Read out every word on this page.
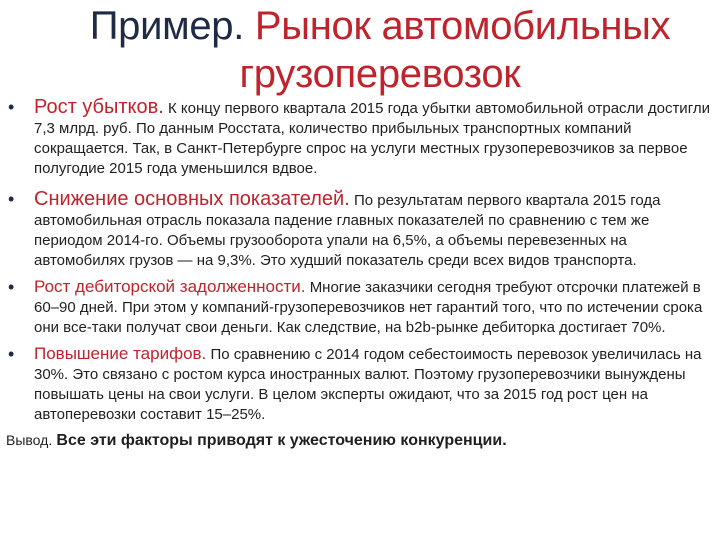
Пример. Рынок автомобильных грузоперевозок
• Рост убытков. К концу первого квартала 2015 года убытки автомобильной отрасли достигли 7,3 млрд. руб. По данным Росстата, количество прибыльных транспортных компаний сокращается. Так, в Санкт-Петербурге спрос на услуги местных грузоперевозчиков за первое полугодие 2015 года уменьшился вдвое.
• Снижение основных показателей. По результатам первого квартала 2015 года автомобильная отрасль показала падение главных показателей по сравнению с тем же периодом 2014‑го. Объемы грузооборота упали на 6,5%, а объемы перевезенных на автомобилях грузов — на 9,3%. Это худший показатель среди всех видов транспорта.
• Рост дебиторской задолженности. Многие заказчики сегодня требуют отсрочки платежей в 60–90 дней. При этом у компаний-грузоперевозчиков нет гарантий того, что по истечении срока они все‑таки получат свои деньги. Как следствие, на b2b-рынке дебиторка достигает 70%.
• Повышение тарифов. По сравнению с 2014 годом себестоимость перевозок увеличилась на 30%. Это связано с ростом курса иностранных валют. Поэтому грузоперевозчики вынуждены повышать цены на свои услуги. В целом эксперты ожидают, что за 2015 год рост цен на автоперевозки составит 15–25%.
Вывод. Все эти факторы приводят к ужесточению конкуренции.
